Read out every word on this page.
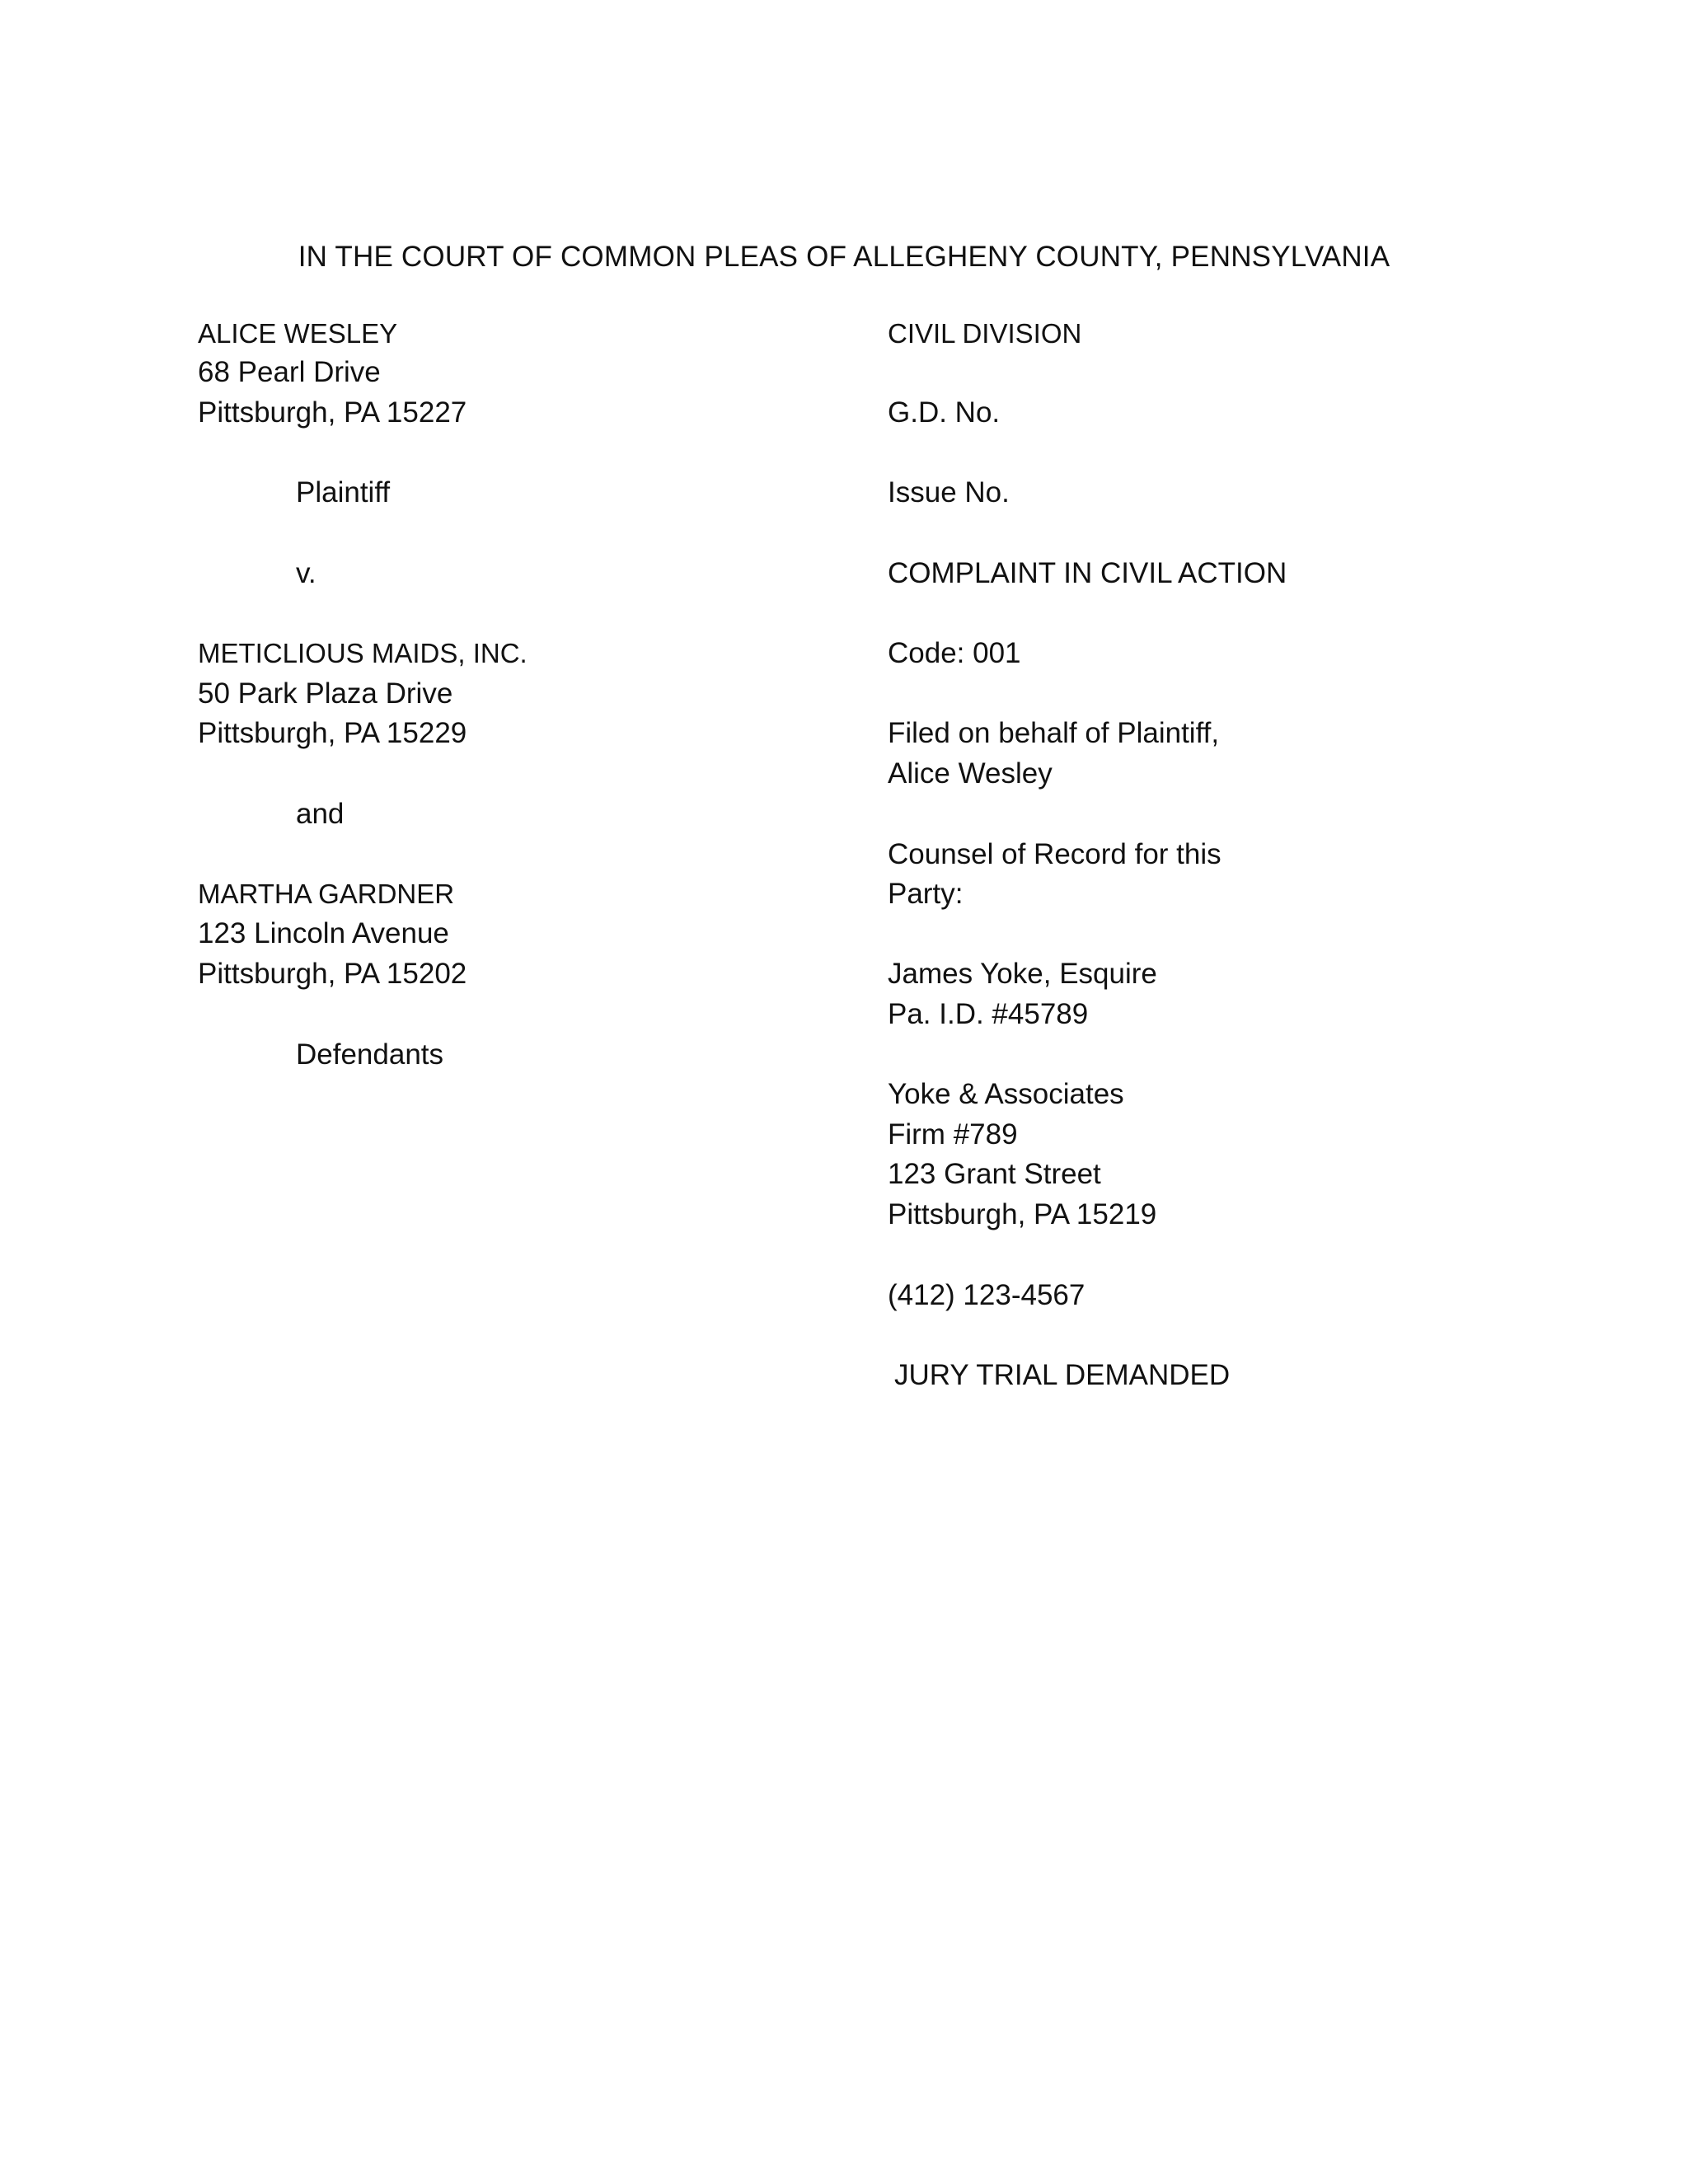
IN THE COURT OF COMMON PLEAS OF ALLEGHENY COUNTY, PENNSYLVANIA
ALICE WESLEY
68 Pearl Drive
Pittsburgh, PA 15227
Plaintiff
v.
METICLIOUS MAIDS, INC.
50 Park Plaza Drive
Pittsburgh, PA 15229
and
MARTHA GARDNER
123 Lincoln Avenue
Pittsburgh, PA 15202
Defendants
CIVIL DIVISION
G.D. No.
Issue No.
COMPLAINT IN CIVIL ACTION
Code: 001
Filed on behalf of Plaintiff,
Alice Wesley
Counsel of Record for this
Party:
James Yoke, Esquire
Pa. I.D. #45789
Yoke & Associates
Firm #789
123 Grant Street
Pittsburgh, PA 15219
(412) 123-4567
JURY TRIAL DEMANDED
